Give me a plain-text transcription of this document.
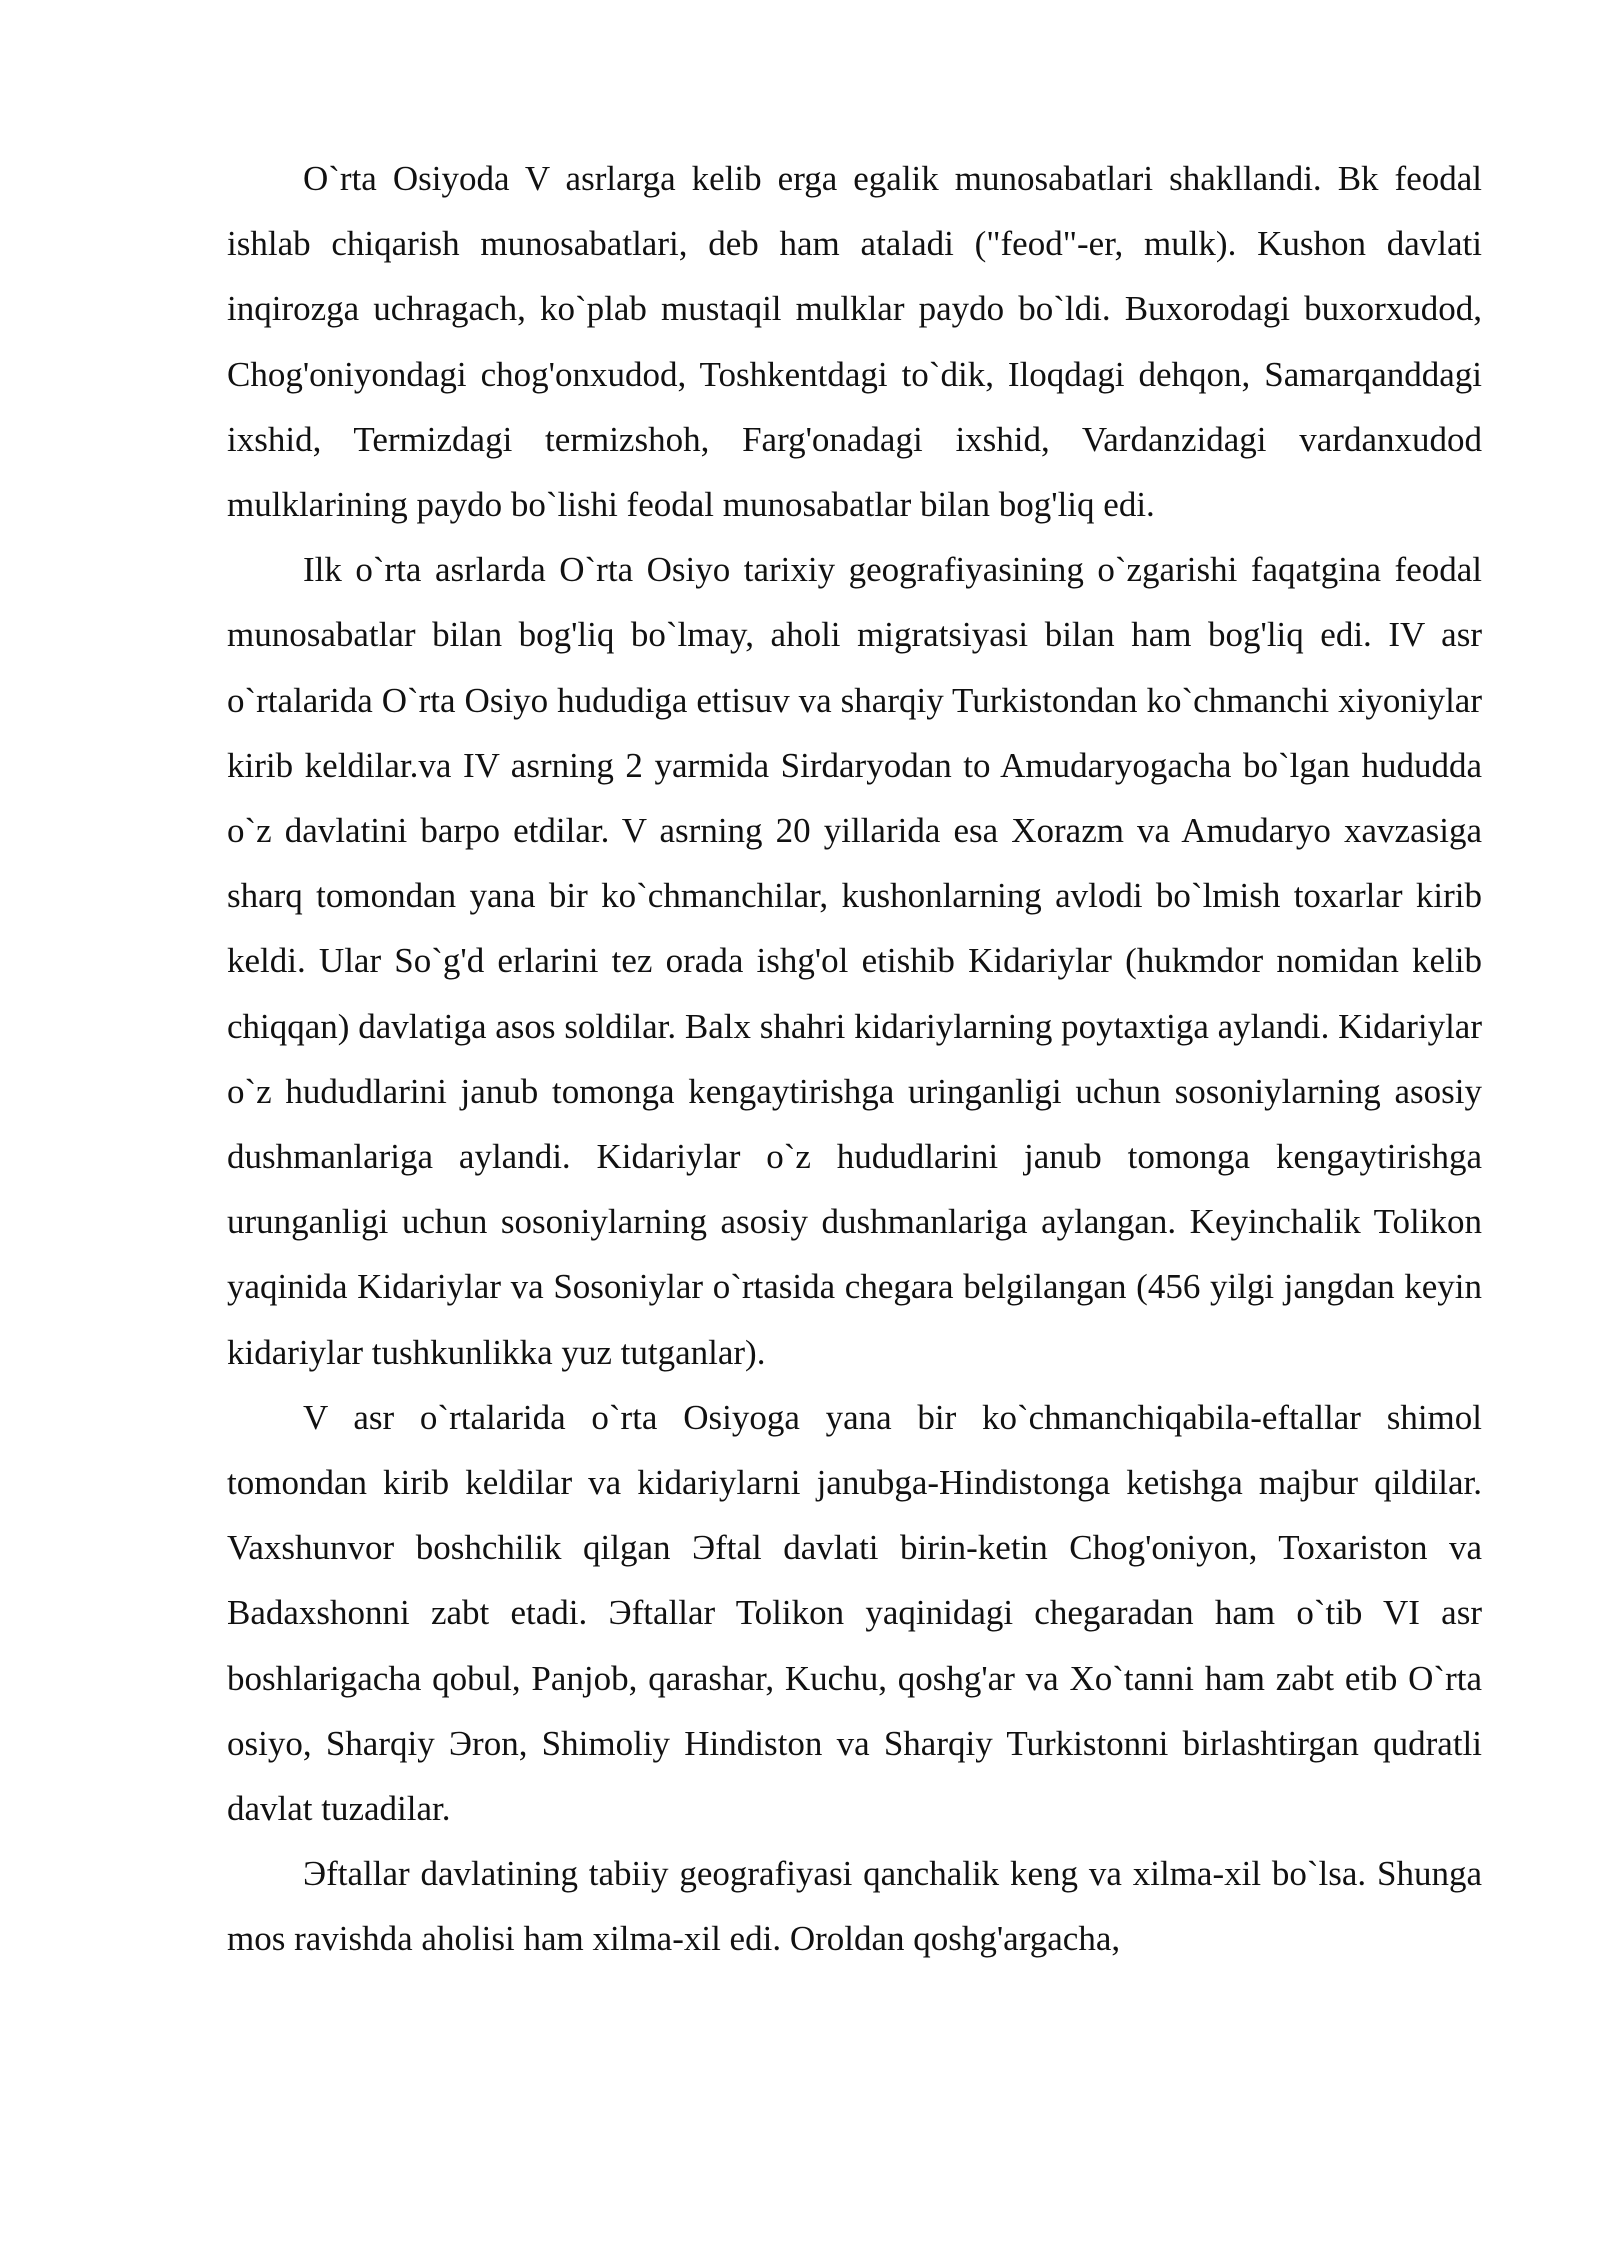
O`rta Osiyoda V asrlarga kelib erga egalik munosabatlari shakllandi. Bk feodal ishlab chiqarish munosabatlari, deb ham ataladi ("feod"-er, mulk). Kushon davlati inqirozga uchragach, ko`plab mustaqil mulklar paydo bo`ldi. Buxorodagi buxorxudod, Chog'oniyondagi chog'onxudod, Toshkentdagi to`dik, Iloqdagi dehqon, Samarqanddagi ixshid, Termizdagi termizshoh, Farg'onadagi ixshid, Vardanzidagi vardanxudod mulklarining paydo bo`lishi feodal munosabatlar bilan bog'liq edi.

Ilk o`rta asrlarda O`rta Osiyo tarixiy geografiyasining o`zgarishi faqatgina feodal munosabatlar bilan bog'liq bo`lmay, aholi migratsiyasi bilan ham bog'liq edi. IV asr o`rtalarida O`rta Osiyo hududiga ettisuv va sharqiy Turkistondan ko`chmanchi xiyoniylar kirib keldilar.va IV asrning 2 yarmida Sirdaryodan to Amudaryogacha bo`lgan hududda o`z davlatini barpo etdilar. V asrning 20 yillarida esa Xorazm va Amudaryo xavzasiga sharq tomondan yana bir ko`chmanchilar, kushonlarning avlodi bo`lmish toxarlar kirib keldi. Ular So`g'd erlarini tez orada ishg'ol etishib Kidariylar (hukmdor nomidan kelib chiqqan) davlatiga asos soldilar. Balx shahri kidariylarning poytaxtiga aylandi. Kidariylar o`z hududlarini janub tomonga kengaytirishga uringanligi uchun sosoniylarning asosiy dushmanlariga aylandi. Kidariylar o`z hududlarini janub tomonga kengaytirishga urunganligi uchun sosoniylarning asosiy dushmanlariga aylangan. Keyinchalik Tolikon yaqinida Kidariylar va Sosoniylar o`rtasida chegara belgilangan (456 yilgi jangdan keyin kidariylar tushkunlikka yuz tutganlar).

V asr o`rtalarida o`rta Osiyoga yana bir ko`chmanchiqabila-eftallar shimol tomondan kirib keldilar va kidariylarni janubga-Hindistonga ketishga majbur qildilar. Vaxshunvor boshchilik qilgan Эftal davlati birin-ketin Chog'oniyon, Toxariston va Badaxshonni zabt etadi. Эftallar Tolikon yaqinidagi chegaradan ham o`tib VI asr boshlarigacha qobul, Panjob, qarashar, Kuchu, qoshg'ar va Xo`tanni ham zabt etib O`rta osiyo, Sharqiy Эron, Shimoliy Hindiston va Sharqiy Turkistonni birlashtirgan qudratli davlat tuzadilar.

Эftallar davlatining tabiiy geografiyasi qanchalik keng va xilma-xil bo`lsa. Shunga mos ravishda aholisi ham xilma-xil edi. Oroldan qoshg'argacha,
